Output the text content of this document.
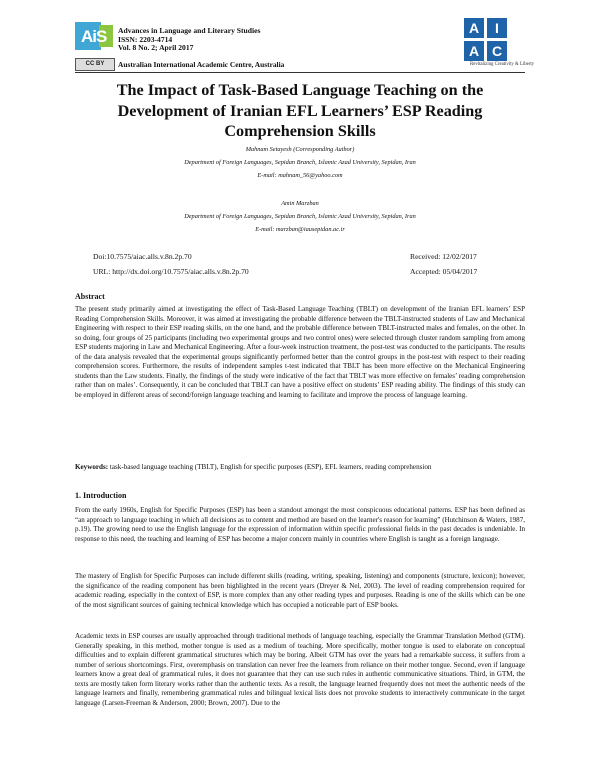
AiS Advances in Language and Literary Studies
ISSN: 2203-4714
Vol. 8 No. 2; April 2017
CC BY	Australian International Academic Centre, Australia
A	I
A C
Revitalizing Creativity & Liberty
The Impact of Task-Based Language Teaching on the
Development of Iranian EFL Learners’ ESP Reading
Comprehension Skills
Mahnam Setayesh (Corresponding Author)
Department of Foreign Languages, Sepidan Branch, Islamic Azad University, Sepidan, Iran
E-mail: mahnam_56@yahoo.com
Amin Marzban
Department of Foreign Languages, Sepidan Branch, Islamic Azad University, Sepidan, Iran
E-mail: marzban@iausepidan.ac.ir
Doi:10.7575/aiac.alls.v.8n.2p.70
URL: http://dx.doi.org/10.7575/aiac.alls.v.8n.2p.70
Received: 12/02/2017
Accepted: 05/04/2017
Abstract
The present study primarily aimed at investigating the effect of Task-Based Language Teaching (TBLT) on development of the Iranian EFL learners’ ESP Reading Comprehension Skills. Moreover, it was aimed at investigating the probable difference between the TBLT-instructed students of Law and Mechanical Engineering with respect to their ESP reading skills, on the one hand, and the probable difference between TBLT-instructed males and females, on the other. In so doing, four groups of 25 participants (including two experimental groups and two control ones) were selected through cluster random sampling from among ESP students majoring in Law and Mechanical Engineering. After a four-week instruction treatment, the post-test was conducted to the participants. The results of the data analysis revealed that the experimental groups significantly performed better than the control groups in the post-test with respect to their reading comprehension scores. Furthermore, the results of independent samples t-test indicated that TBLT has been more effective on the Mechanical Engineering students than the Law students. Finally, the findings of the study were indicative of the fact that TBLT was more effective on females’ reading comprehension rather than on males’. Consequently, it can be concluded that TBLT can have a positive effect on students’ ESP reading ability. The findings of this study can be employed in different areas of second/foreign language teaching and learning to facilitate and improve the process of language learning.
Keywords: task-based language teaching (TBLT), English for specific purposes (ESP), EFL learners, reading comprehension
1. Introduction
From the early 1960s, English for Specific Purposes (ESP) has been a standout amongst the most conspicuous educational patterns. ESP has been defined as “an approach to language teaching in which all decisions as to content and method are based on the learner's reason for learning” (Hutchinson & Waters, 1987, p.19). The growing need to use the English language for the expression of information within specific professional fields in the past decades is undeniable. In response to this need, the teaching and learning of ESP has become a major concern mainly in countries where English is taught as a foreign language.
The mastery of English for Specific Purposes can include different skills (reading, writing, speaking, listening) and components (structure, lexicon); however, the significance of the reading component has been highlighted in the recent years (Dreyer & Nel, 2003). The level of reading comprehension required for academic reading, especially in the context of ESP, is more complex than any other reading types and purposes. Reading is one of the skills which can be one of the most significant sources of gaining technical knowledge which has occupied a noticeable part of ESP books.
Academic texts in ESP courses are usually approached through traditional methods of language teaching, especially the Grammar Translation Method (GTM). Generally speaking, in this method, mother tongue is used as a medium of teaching. More specifically, mother tongue is used to elaborate on conceptual difficulties and to explain different grammatical structures which may be boring. Albeit GTM has over the years had a remarkable success, it suffers from a number of serious shortcomings. First, overemphasis on translation can never free the learners from reliance on their mother tongue. Second, even if language learners know a great deal of grammatical rules, it does not guarantee that they can use such rules in authentic communicative situations. Third, in GTM, the texts are mostly taken form literary works rather than the authentic texts. As a result, the language learned frequently does not meet the authentic needs of the language learners and finally, remembering grammatical rules and bilingual lexical lists does not provoke students to interactively communicate in the target language (Larsen-Freeman & Anderson, 2000; Brown, 2007). Due to the
